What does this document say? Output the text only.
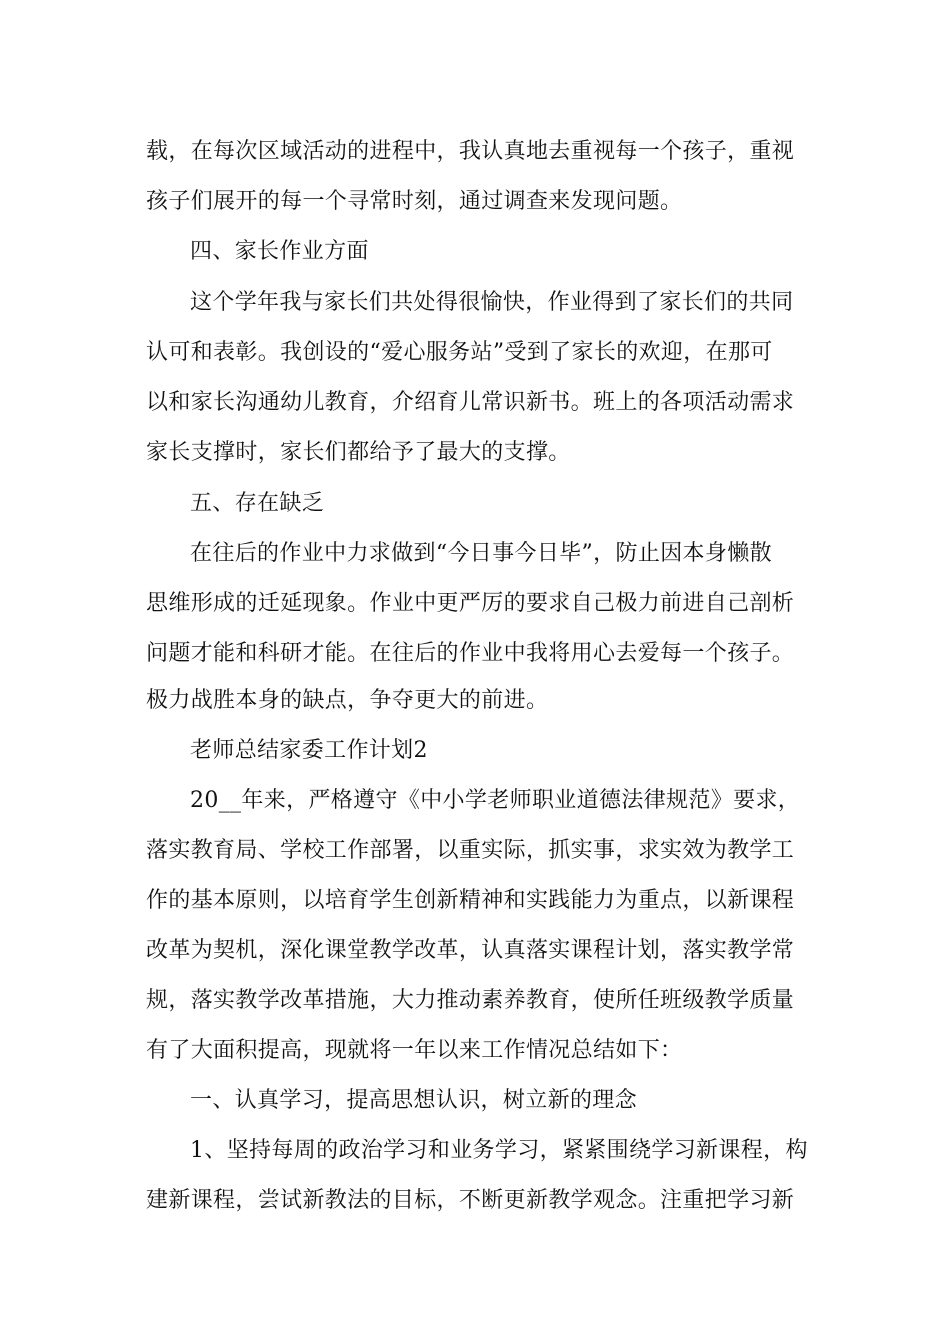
载，在每次区域活动的进程中，我认真地去重视每一个孩子，重视
孩子们展开的每一个寻常时刻，通过调查来发现问题。
四、家长作业方面
这个学年我与家长们共处得很愉快，作业得到了家长们的共同
认可和表彰。我创设的“爱心服务站”受到了家长的欢迎，在那可
以和家长沟通幼儿教育，介绍育儿常识新书。班上的各项活动需求
家长支撑时，家长们都给予了最大的支撑。
五、存在缺乏
在往后的作业中力求做到“今日事今日毕”，防止因本身懒散
思维形成的迁延现象。作业中更严厉的要求自己极力前进自己剖析
问题才能和科研才能。在往后的作业中我将用心去爱每一个孩子。
极力战胜本身的缺点，争夺更大的前进。
老师总结家委工作计划2
20__年来，严格遵守《中小学老师职业道德法律规范》要求，
落实教育局、学校工作部署，以重实际，抓实事，求实效为教学工
作的基本原则，以培育学生创新精神和实践能力为重点，以新课程
改革为契机，深化课堂教学改革，认真落实课程计划，落实教学常
规，落实教学改革措施，大力推动素养教育，使所任班级教学质量
有了大面积提高，现就将一年以来工作情况总结如下：
一、认真学习，提高思想认识，树立新的理念
1、坚持每周的政治学习和业务学习，紧紧围绕学习新课程，构
建新课程，尝试新教法的目标，不断更新教学观念。注重把学习新
